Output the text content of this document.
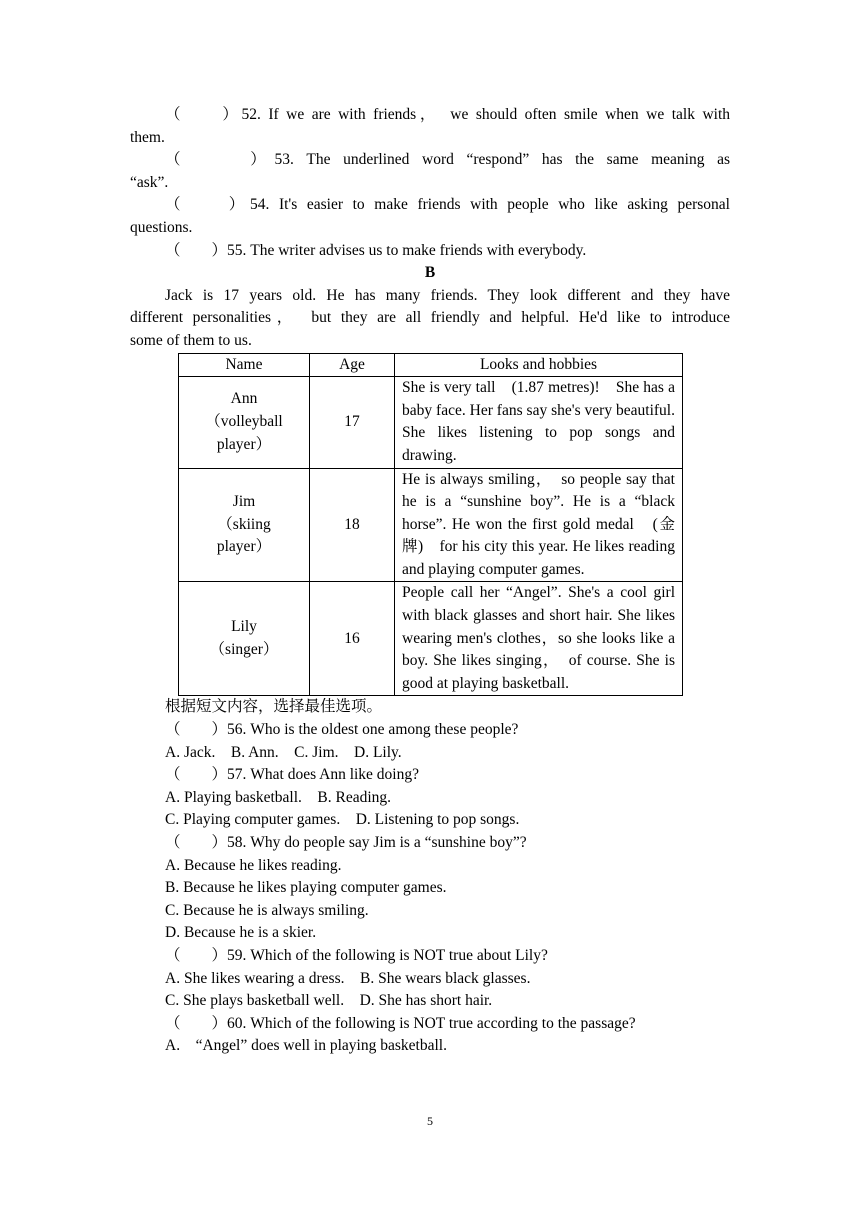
（　　）52. If we are with friends，　we should often smile when we talk with
them.
（　　 ）53. The underlined word “respond” has the same meaning as
“ask”.
（　　）54. It's easier to make friends with people who like asking personal
questions.
（　　）55. The writer advises us to make friends with everybody.
B
Jack is 17 years old. He has many friends. They look different and they have
different personalities，　but they are all friendly and helpful. He'd like to introduce
some of them to us.
Name	Age	Looks and hobbies

Ann
（volleyball player）	17	She is very tall　(1.87 metres)!　She has a baby face. Her fans say she's very beautiful. She likes listening to pop songs and drawing.

Jim
（skiing player）	18	He is always smiling，　so people say that he is a “sunshine boy”. He is a “black horse”. He won the first gold medal　(金牌)　for his city this year. He likes reading and playing computer games.

Lily
（singer）	16	People call her “Angel”. She's a cool girl with black glasses and short hair. She likes wearing men's clothes，so she looks like a boy. She likes singing，　of course. She is good at playing basketball.
根据短文内容，选择最佳选项。
（　　）56. Who is the oldest one among these people?
A. Jack.　B. Ann.　C. Jim.　D. Lily.
（　　）57. What does Ann like doing?
A. Playing basketball.　B. Reading.
C. Playing computer games.　D. Listening to pop songs.
（　　）58. Why do people say Jim is a “sunshine boy”?
A. Because he likes reading.
B. Because he likes playing computer games.
C. Because he is always smiling.
D. Because he is a skier.
（　　）59. Which of the following is NOT true about Lily?
A. She likes wearing a dress.　B. She wears black glasses.
C. She plays basketball well.　D. She has short hair.
（　　）60. Which of the following is NOT true according to the passage?
A.　“Angel” does well in playing basketball.
5
